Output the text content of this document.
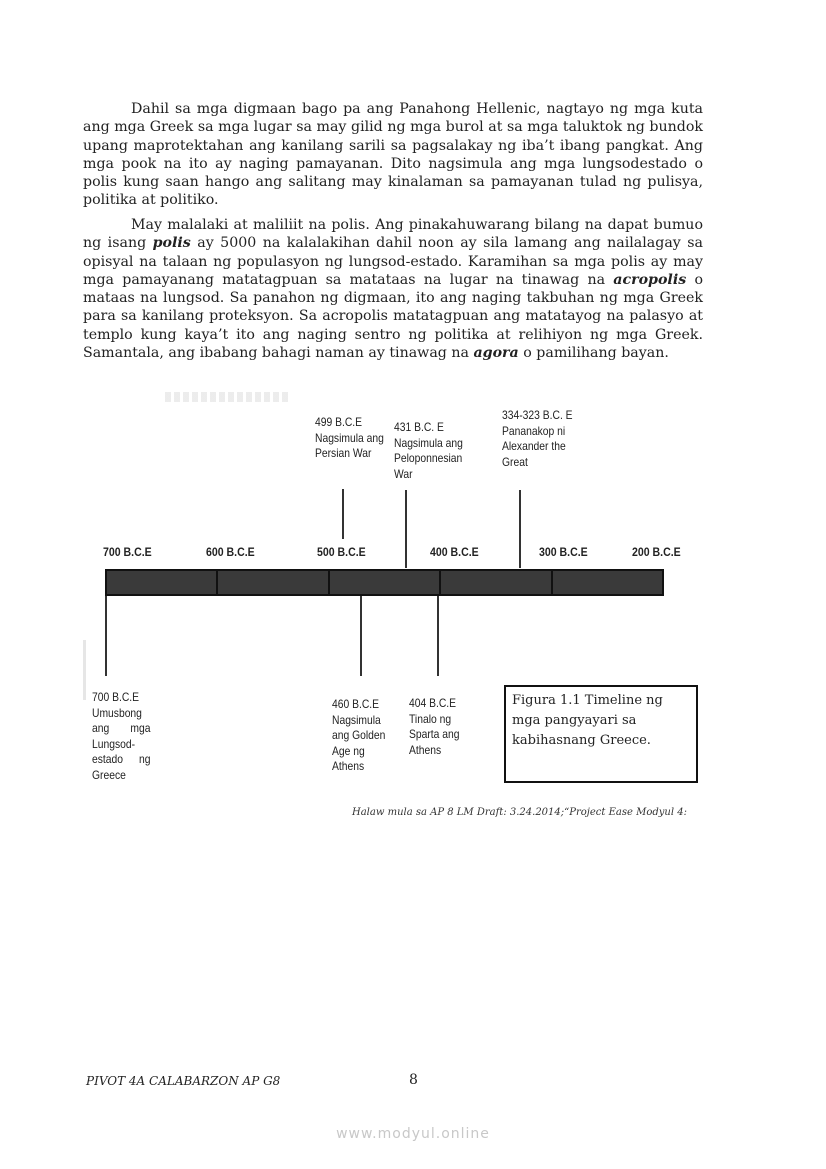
Dahil sa mga digmaan bago pa ang Panahong Hellenic, nagtayo ng mga kuta ang mga Greek sa mga lugar sa may gilid ng mga burol at sa mga taluktok ng bundok upang maprotektahan ang kanilang sarili sa pagsalakay ng iba’t ibang pangkat. Ang mga pook na ito ay naging pamayanan. Dito nagsimula ang mga lungsodestado o polis kung saan hango ang salitang may kinalaman sa pamayanan tulad ng pulisya, politika at politiko.

May malalaki at maliliit na polis. Ang pinakahuwarang bilang na dapat bumuo ng isang polis ay 5000 na kalalakihan dahil noon ay sila lamang ang nailalagay sa opisyal na talaan ng populasyon ng lungsod-estado. Karamihan sa mga polis ay may mga pamayanang matatagpuan sa matataas na lugar na tinawag na acropolis o mataas na lungsod. Sa panahon ng digmaan, ito ang naging takbuhan ng mga Greek para sa kanilang proteksyon. Sa acropolis matatagpuan ang matatayog na palasyo at templo kung kaya’t ito ang naging sentro ng politika at relihiyon ng mga Greek. Samantala, ang ibabang bahagi naman ay tinawag na agora o pamilihang bayan.

499 B.C.E
Nagsimula ang Persian War
431 B.C. E
Nagsimula ang Peloponnesian War
334-323 B.C. E
Pananakop ni Alexander the Great
700 B.C.E	600 B.C.E	500 B.C.E	400 B.C.E	300 B.C.E	200 B.C.E
700 B.C.E
Umusbong ang mga Lungsod-estado ng Greece
460 B.C.E
Nagsimula ang Golden Age ng Athens
404 B.C.E
Tinalo ng Sparta ang Athens
Figura 1.1 Timeline ng mga pangyayari sa kabihasnang Greece.
Halaw mula sa AP 8 LM Draft: 3.24.2014;“Project Ease Modyul 4:
PIVOT 4A CALABARZON AP G8	8
www.modyul.online
